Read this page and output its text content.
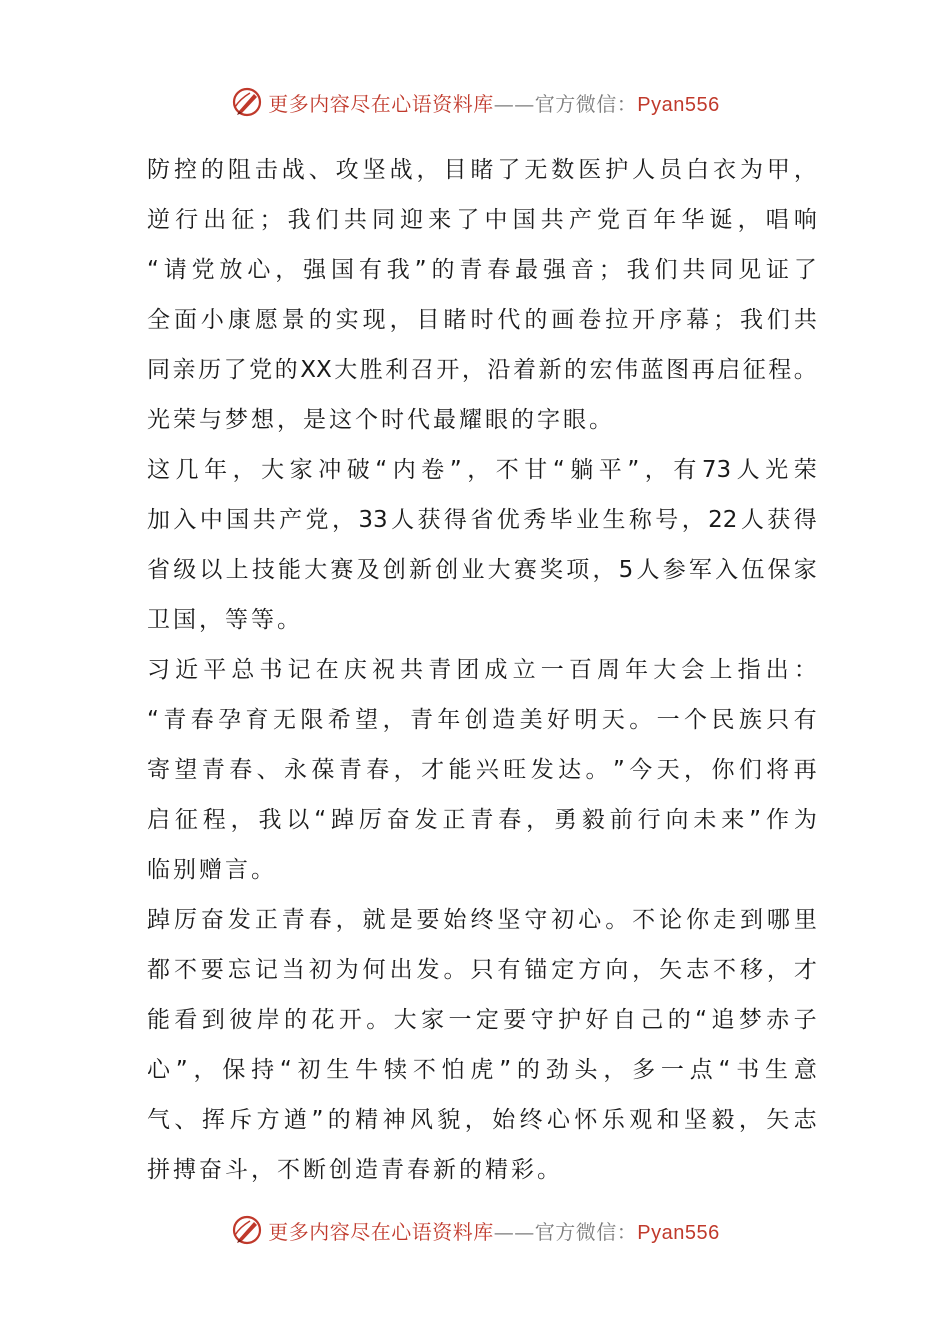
更多内容尽在心语资料库——官方微信：Pyan556
防 控 的 阻 击 战 、 攻 坚 战 ， 目 睹 了 无 数 医 护 人 员 白 衣 为 甲 ，
逆 行 出 征 ； 我 们 共 同 迎 来 了 中 国 共 产 党 百 年 华 诞 ， 唱 响
“ 请 党 放 心 ， 强 国 有 我 ” 的 青 春 最 强 音 ； 我 们 共 同 见 证 了
全 面 小 康 愿 景 的 实 现 ， 目 睹 时 代 的 画 卷 拉 开 序 幕 ； 我 们 共
同 亲 历 了 党 的 XX 大 胜 利 召 开 ， 沿 着 新 的 宏 伟 蓝 图 再 启 征 程 。
光荣与梦想，是这个时代最耀眼的字眼。
这 几 年 ， 大 家 冲 破 “ 内 卷 ” ， 不 甘 “ 躺 平 ” ， 有 73 人 光 荣
加 入 中 国 共 产 党 ， 33 人 获 得 省 优 秀 毕 业 生 称 号 ， 22 人 获 得
省 级 以 上 技 能 大 赛 及 创 新 创 业 大 赛 奖 项 ， 5 人 参 军 入 伍 保 家
卫国，等等。
习 近 平 总 书 记 在 庆 祝 共 青 团 成 立 一 百 周 年 大 会 上 指 出 ：
“ 青 春 孕 育 无 限 希 望 ， 青 年 创 造 美 好 明 天 。 一 个 民 族 只 有
寄 望 青 春 、 永 葆 青 春 ， 才 能 兴 旺 发 达 。 ” 今 天 ， 你 们 将 再
启 征 程 ， 我 以 “ 踔 厉 奋 发 正 青 春 ， 勇 毅 前 行 向 未 来 ” 作 为
临别赠言。
踔 厉 奋 发 正 青 春 ， 就 是 要 始 终 坚 守 初 心 。 不 论 你 走 到 哪 里
都 不 要 忘 记 当 初 为 何 出 发 。 只 有 锚 定 方 向 ， 矢 志 不 移 ， 才
能 看 到 彼 岸 的 花 开 。 大 家 一 定 要 守 护 好 自 己 的 “ 追 梦 赤 子
心 ” ， 保 持 “ 初 生 牛 犊 不 怕 虎 ” 的 劲 头 ， 多 一 点 “ 书 生 意
气 、 挥 斥 方 遒 ” 的 精 神 风 貌 ， 始 终 心 怀 乐 观 和 坚 毅 ， 矢 志
拼搏奋斗，不断创造青春新的精彩。
更多内容尽在心语资料库——官方微信：Pyan556
